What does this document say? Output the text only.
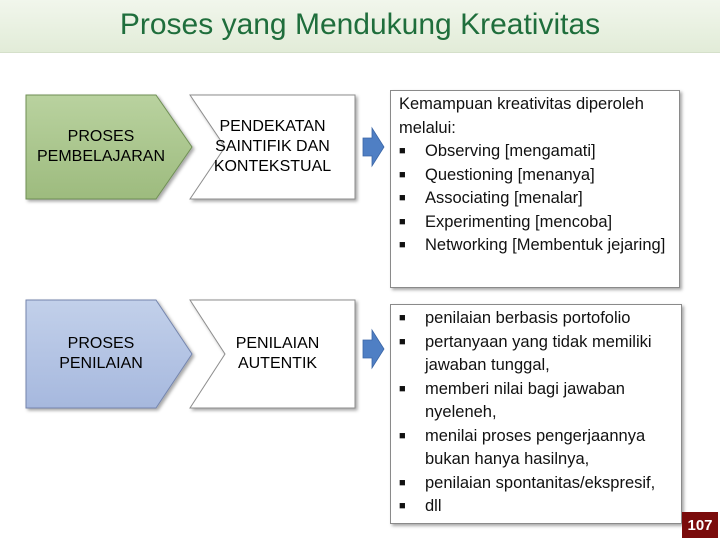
Proses yang Mendukung Kreativitas
PROSES PEMBELAJARAN
PENDEKATAN SAINTIFIK DAN KONTEKSTUAL
PROSES PENILAIAN
PENILAIAN AUTENTIK
Kemampuan kreativitas diperoleh melalui:
■ Observing [mengamati]
■ Questioning [menanya]
■ Associating [menalar]
■ Experimenting [mencoba]
■ Networking [Membentuk jejaring]
■ penilaian berbasis portofolio
■ pertanyaan yang tidak memiliki jawaban tunggal,
■ memberi nilai bagi jawaban nyeleneh,
■ menilai proses pengerjaannya bukan hanya hasilnya,
■ penilaian spontanitas/ekspresif,
■ dll
107
